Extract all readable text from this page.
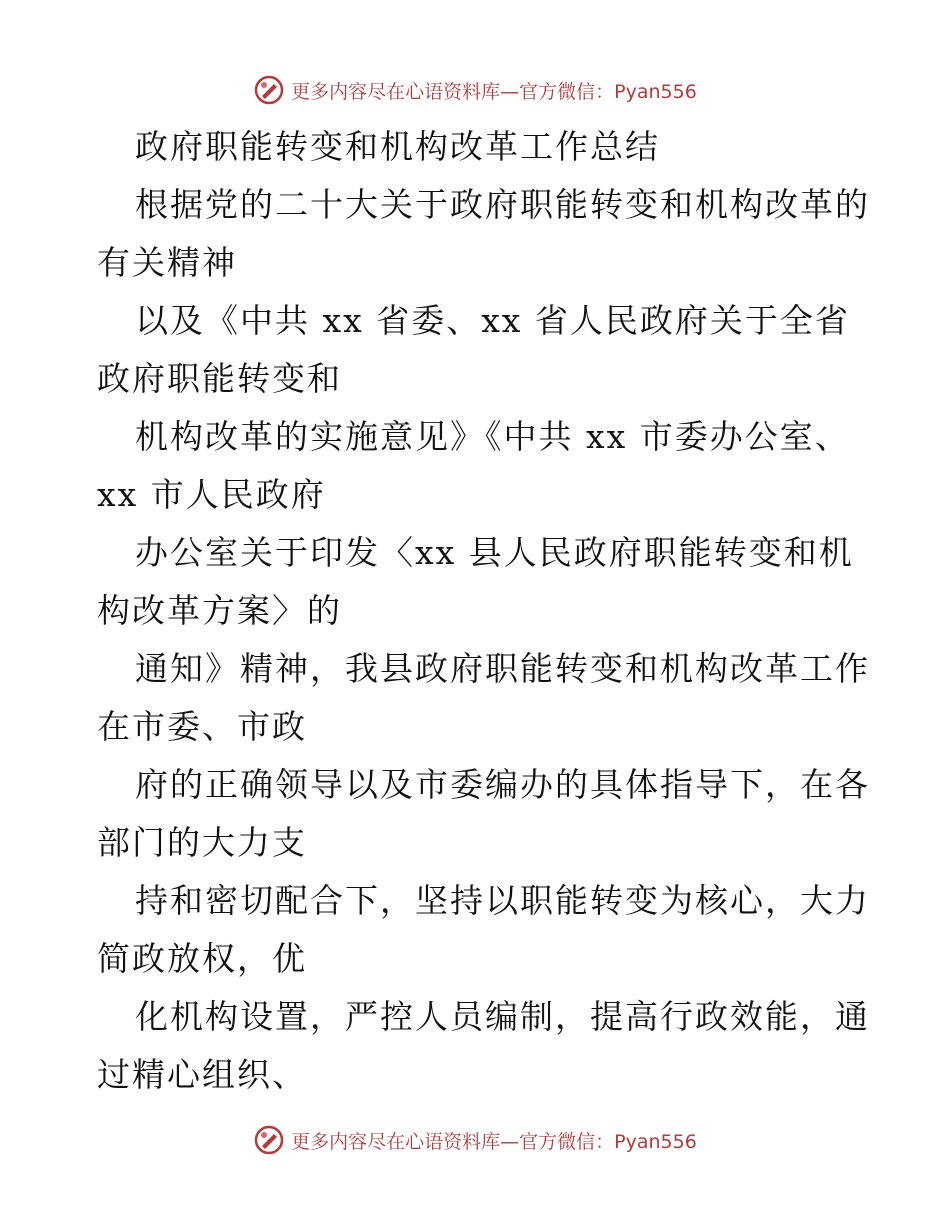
更多内容尽在心语资料库—官方微信：Pyan556
政府职能转变和机构改革工作总结
根据党的二十大关于政府职能转变和机构改革的
有关精神
以及《中共 xx 省委、xx 省人民政府关于全省
政府职能转变和
机构改革的实施意见》《中共 xx 市委办公室、
xx 市人民政府
办公室关于印发〈xx 县人民政府职能转变和机
构改革方案〉的
通知》精神，我县政府职能转变和机构改革工作
在市委、市政
府的正确领导以及市委编办的具体指导下，在各
部门的大力支
持和密切配合下，坚持以职能转变为核心，大力
简政放权，优
化机构设置，严控人员编制，提高行政效能，通
过精心组织、
更多内容尽在心语资料库—官方微信：Pyan556
